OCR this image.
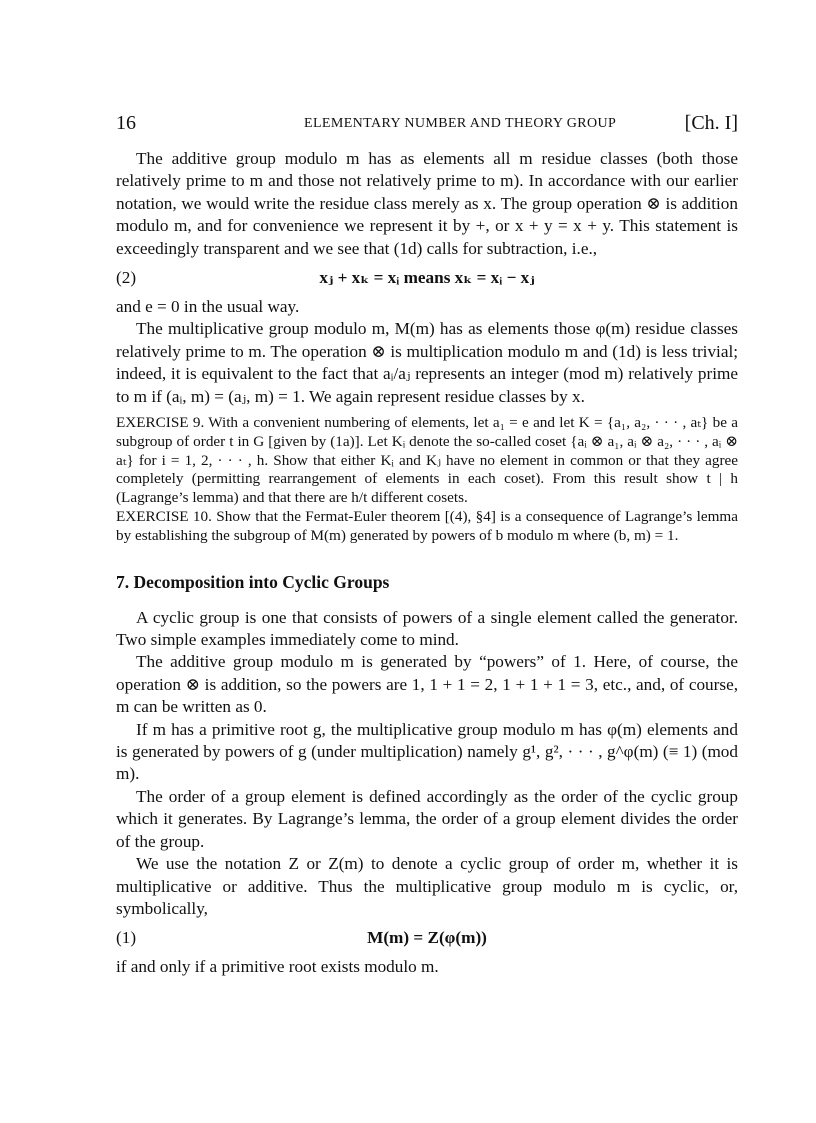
16	ELEMENTARY NUMBER AND THEORY GROUP	[Ch. I]

The additive group modulo m has as elements all m residue classes (both those relatively prime to m and those not relatively prime to m). In accordance with our earlier notation, we would write the residue class merely as x. The group operation ⊗ is addition modulo m, and for convenience we represent it by +, or x + y = x + y. This statement is exceedingly transparent and we see that (1d) calls for subtraction, i.e.,

(2)	xⱼ + xₖ = xᵢ means xₖ = xᵢ − xⱼ

and e = 0 in the usual way.

The multiplicative group modulo m, M(m) has as elements those φ(m) residue classes relatively prime to m. The operation ⊗ is multiplication modulo m and (1d) is less trivial; indeed, it is equivalent to the fact that aᵢ/aⱼ represents an integer (mod m) relatively prime to m if (aᵢ, m) = (aⱼ, m) = 1. We again represent residue classes by x.

EXERCISE 9. With a convenient numbering of elements, let a₁ = e and let K = {a₁, a₂, · · · , aₜ} be a subgroup of order t in G [given by (1a)]. Let Kᵢ denote the so-called coset {aᵢ ⊗ a₁, aᵢ ⊗ a₂, · · · , aᵢ ⊗ aₜ} for i = 1, 2, · · · , h. Show that either Kᵢ and Kⱼ have no element in common or that they agree completely (permitting rearrangement of elements in each coset). From this result show t | h (Lagrange’s lemma) and that there are h/t different cosets.

EXERCISE 10. Show that the Fermat-Euler theorem [(4), §4] is a consequence of Lagrange’s lemma by establishing the subgroup of M(m) generated by powers of b modulo m where (b, m) = 1.

7. Decomposition into Cyclic Groups

A cyclic group is one that consists of powers of a single element called the generator. Two simple examples immediately come to mind.

The additive group modulo m is generated by “powers” of 1. Here, of course, the operation ⊗ is addition, so the powers are 1, 1 + 1 = 2, 1 + 1 + 1 = 3, etc., and, of course, m can be written as 0.

If m has a primitive root g, the multiplicative group modulo m has φ(m) elements and is generated by powers of g (under multiplication) namely g¹, g², · · · , g^φ(m) (≡ 1) (mod m).

The order of a group element is defined accordingly as the order of the cyclic group which it generates. By Lagrange’s lemma, the order of a group element divides the order of the group.

We use the notation Z or Z(m) to denote a cyclic group of order m, whether it is multiplicative or additive. Thus the multiplicative group modulo m is cyclic, or, symbolically,

(1)	M(m) = Z(φ(m))

if and only if a primitive root exists modulo m.
